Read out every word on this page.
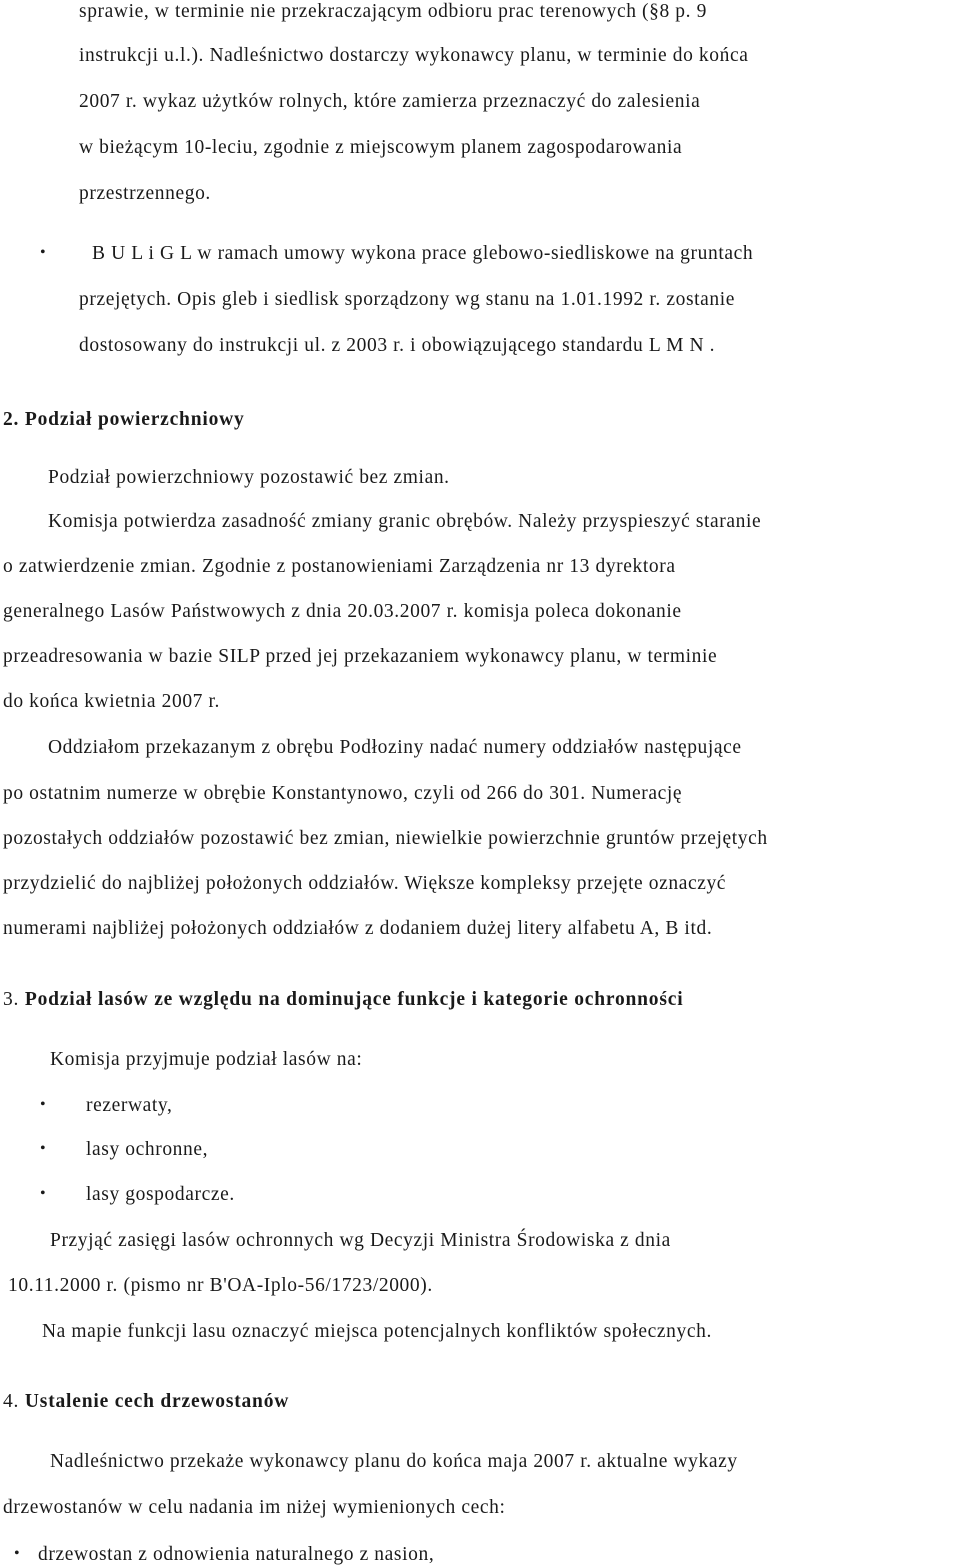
sprawie, w terminie nie przekraczającym odbioru prac terenowych (§8 p. 9
instrukcji u.l.). Nadleśnictwo dostarczy wykonawcy planu, w terminie do końca
2007 r. wykaz użytków rolnych, które zamierza przeznaczyć do zalesienia
w bieżącym 10-leciu, zgodnie z miejscowym planem zagospodarowania
przestrzennego.
• B U L i G L w ramach umowy wykona prace glebowo-siedliskowe na gruntach
przejętych. Opis gleb i siedlisk sporządzony wg stanu na 1.01.1992 r. zostanie
dostosowany do instrukcji ul. z 2003 r. i obowiązującego standardu L M N .
2. Podział powierzchniowy
Podział powierzchniowy pozostawić bez zmian.
Komisja potwierdza zasadność zmiany granic obrębów. Należy przyspieszyć staranie
o zatwierdzenie zmian. Zgodnie z postanowieniami Zarządzenia nr 13 dyrektora
generalnego Lasów Państwowych z dnia 20.03.2007 r. komisja poleca dokonanie
przeadresowania w bazie SILP przed jej przekazaniem wykonawcy planu, w terminie
do końca kwietnia 2007 r.
Oddziałom przekazanym z obrębu Podłoziny nadać numery oddziałów następujące
po ostatnim numerze w obrębie Konstantynowo, czyli od 266 do 301. Numerację
pozostałych oddziałów pozostawić bez zmian, niewielkie powierzchnie gruntów przejętych
przydzielić do najbliżej położonych oddziałów. Większe kompleksy przejęte oznaczyć
numerami najbliżej położonych oddziałów z dodaniem dużej litery alfabetu A, B itd.
3. Podział lasów ze względu na dominujące funkcje i kategorie ochronności
Komisja przyjmuje podział lasów na:
• rezerwaty,
• lasy ochronne,
• lasy gospodarcze.
Przyjąć zasięgi lasów ochronnych wg Decyzji Ministra Środowiska z dnia
10.11.2000 r. (pismo nr B'OA-Iplo-56/1723/2000).
Na mapie funkcji lasu oznaczyć miejsca potencjalnych konfliktów społecznych.
4. Ustalenie cech drzewostanów
Nadleśnictwo przekaże wykonawcy planu do końca maja 2007 r. aktualne wykazy
drzewostanów w celu nadania im niżej wymienionych cech:
• drzewostan z odnowienia naturalnego z nasion,
